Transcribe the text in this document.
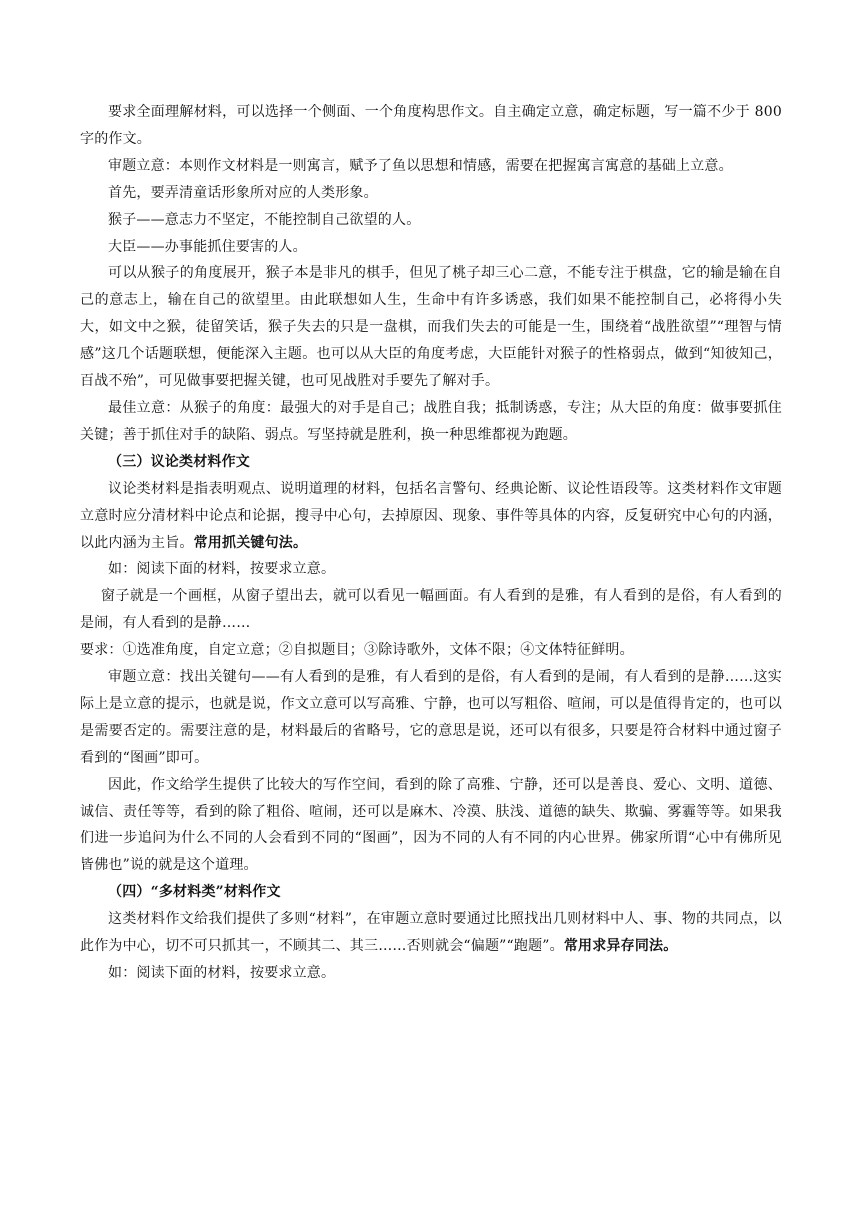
要求全面理解材料，可以选择一个侧面、一个角度构思作文。自主确定立意，确定标题，写一篇不少于 800 字的作文。

审题立意：本则作文材料是一则寓言，赋予了鱼以思想和情感，需要在把握寓言寓意的基础上立意。

首先，要弄清童话形象所对应的人类形象。

猴子——意志力不坚定，不能控制自己欲望的人。

大臣——办事能抓住要害的人。

可以从猴子的角度展开，猴子本是非凡的棋手，但见了桃子却三心二意，不能专注于棋盘，它的输是输在自己的意志上，输在自己的欲望里。由此联想如人生，生命中有许多诱惑，我们如果不能控制自己，必将得小失大，如文中之猴，徒留笑话，猴子失去的只是一盘棋，而我们失去的可能是一生，围绕着“战胜欲望”“理智与情感”这几个话题联想，便能深入主题。也可以从大臣的角度考虑，大臣能针对猴子的性格弱点，做到“知彼知己，百战不殆”，可见做事要把握关键，也可见战胜对手要先了解对手。

最佳立意：从猴子的角度：最强大的对手是自己；战胜自我；抵制诱惑，专注；从大臣的角度：做事要抓住关键；善于抓住对手的缺陷、弱点。写坚持就是胜利，换一种思维都视为跑题。

（三）议论类材料作文

议论类材料是指表明观点、说明道理的材料，包括名言警句、经典论断、议论性语段等。这类材料作文审题立意时应分清材料中论点和论据，搜寻中心句，去掉原因、现象、事件等具体的内容，反复研究中心句的内涵，以此内涵为主旨。常用抓关键句法。

如：阅读下面的材料，按要求立意。

窗子就是一个画框，从窗子望出去，就可以看见一幅画面。有人看到的是雅，有人看到的是俗，有人看到的是闹，有人看到的是静……

要求：①选准角度，自定立意；②自拟题目；③除诗歌外，文体不限；④文体特征鲜明。

审题立意：找出关键句——有人看到的是雅，有人看到的是俗，有人看到的是闹，有人看到的是静……这实际上是立意的提示，也就是说，作文立意可以写高雅、宁静，也可以写粗俗、喧闹，可以是值得肯定的，也可以是需要否定的。需要注意的是，材料最后的省略号，它的意思是说，还可以有很多，只要是符合材料中通过窗子看到的“图画”即可。

因此，作文给学生提供了比较大的写作空间，看到的除了高雅、宁静，还可以是善良、爱心、文明、道德、诚信、责任等等，看到的除了粗俗、喧闹，还可以是麻木、冷漠、肤浅、道德的缺失、欺骗、雾霾等等。如果我们进一步追问为什么不同的人会看到不同的“图画”，因为不同的人有不同的内心世界。佛家所谓“心中有佛所见皆佛也”说的就是这个道理。

（四）“多材料类”材料作文

这类材料作文给我们提供了多则“材料”，在审题立意时要通过比照找出几则材料中人、事、物的共同点，以此作为中心，切不可只抓其一，不顾其二、其三……否则就会“偏题”“跑题”。常用求异存同法。

如：阅读下面的材料，按要求立意。
